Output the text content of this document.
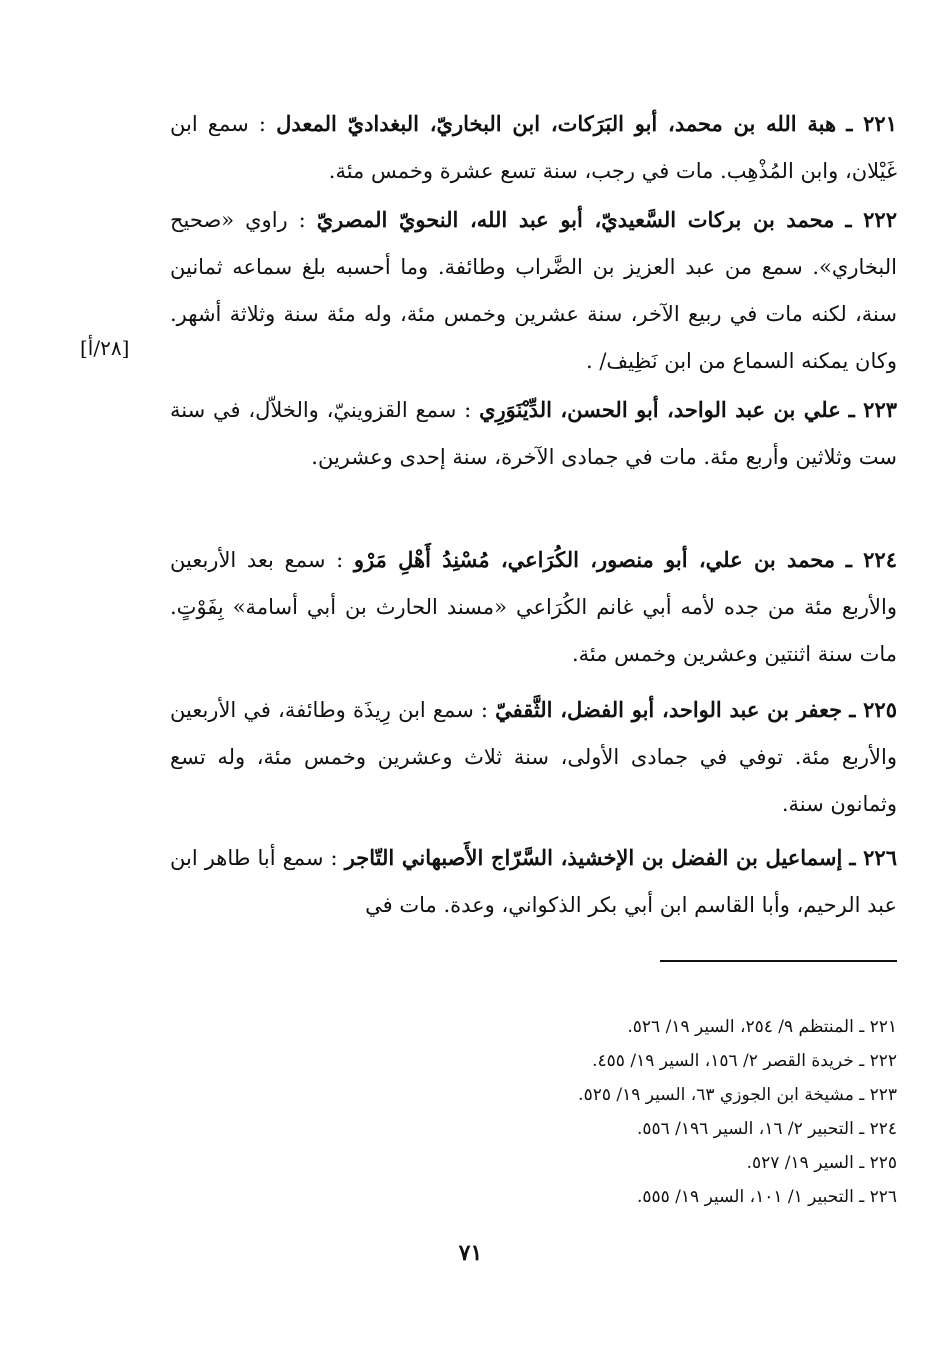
٢٢١ ـ هبة الله بن محمد، أبو البَرَكات، ابن البخاريّ، البغداديّ المعدل : سمع ابن غَيْلان، وابن المُذْهِب. مات في رجب، سنة تسع عشرة وخمس مئة.

٢٢٢ ـ محمد بن بركات السَّعيديّ، أبو عبد الله، النحويّ المصريّ : راوي «صحيح البخاري». سمع من عبد العزيز بن الضَّراب وطائفة. وما أحسبه بلغ سماعه ثمانين سنة، لكنه مات في ربيع الآخر، سنة عشرين وخمس مئة، وله مئة سنة وثلاثة أشهر. وكان يمكنه السماع من ابن نَظِيف/ .

[٢٨/أ]

٢٢٣ ـ علي بن عبد الواحد، أبو الحسن، الدِّيْنَوَرِي : سمع القزوينيّ، والخلاّل، في سنة ست وثلاثين وأربع مئة. مات في جمادى الآخرة، سنة إحدى وعشرين.

٢٢٤ ـ محمد بن علي، أبو منصور، الكُرَاعي، مُسْنِدُ أَهْلِ مَرْو : سمع بعد الأربعين والأربع مئة من جده لأمه أبي غانم الكُرَاعي «مسند الحارث بن أبي أسامة» بِفَوْتٍ. مات سنة اثنتين وعشرين وخمس مئة.

٢٢٥ ـ جعفر بن عبد الواحد، أبو الفضل، الثَّقفيّ : سمع ابن رِيذَة وطائفة، في الأربعين والأربع مئة. توفي في جمادى الأولى، سنة ثلاث وعشرين وخمس مئة، وله تسع وثمانون سنة.

٢٢٦ ـ إسماعيل بن الفضل بن الإخشيذ، السَّرّاج الأَصبهاني التّاجر : سمع أبا طاهر ابن عبد الرحيم، وأبا القاسم ابن أبي بكر الذكواني، وعدة. مات في

٢٢١ ـ المنتظم ٩/ ٢٥٤، السير ١٩/ ٥٢٦.
٢٢٢ ـ خريدة القصر ٢/ ١٥٦، السير ١٩/ ٤٥٥.
٢٢٣ ـ مشيخة ابن الجوزي ٦٣، السير ١٩/ ٥٢٥.
٢٢٤ ـ التحبير ٢/ ١٦، السير ١٩٦/ ٥٥٦.
٢٢٥ ـ السير ١٩/ ٥٢٧.
٢٢٦ ـ التحبير ١/ ١٠١، السير ١٩/ ٥٥٥.
٧١
